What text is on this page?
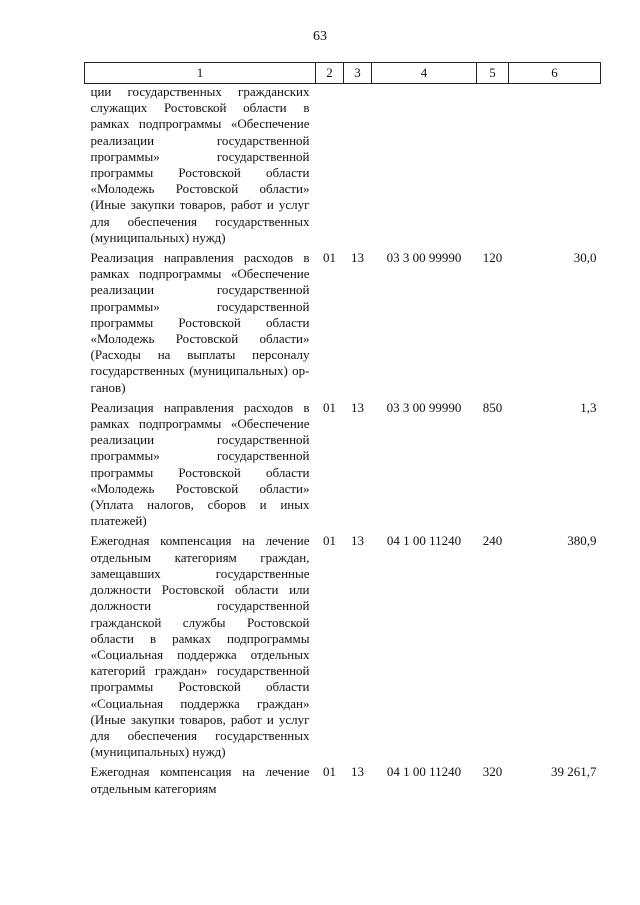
63
1	2	3	4	5	6
ции государственных гражданских служащих Ростовской области в рамках подпрограммы «Обеспечение реализации государственной программы» государственной программы Ростовской области «Молодежь Ростовской области» (Иные закупки товаров, работ и услуг для обеспечения государственных (муниципальных) нужд)					
Реализация направления расходов в рамках подпрограммы «Обеспечение реализации государственной программы» государственной программы Ростовской области «Молодежь Ростовской области» (Расходы на выплаты персоналу государственных (муниципальных) органов)	01	13	03 3 00 99990	120	30,0
Реализация направления расходов в рамках подпрограммы «Обеспечение реализации государственной программы» государственной программы Ростовской области «Молодежь Ростовской области» (Уплата налогов, сборов и иных платежей)	01	13	03 3 00 99990	850	1,3
Ежегодная компенсация на лечение отдельным категориям граждан, замещавших государственные должности Ростовской области или должности государственной гражданской службы Ростовской области в рамках подпрограммы «Социальная поддержка отдельных категорий граждан» государственной программы Ростовской области «Социальная поддержка граждан» (Иные закупки товаров, работ и услуг для обеспечения государственных (муниципальных) нужд)	01	13	04 1 00 11240	240	380,9
Ежегодная компенсация на лечение отдельным категориям	01	13	04 1 00 11240	320	39 261,7
